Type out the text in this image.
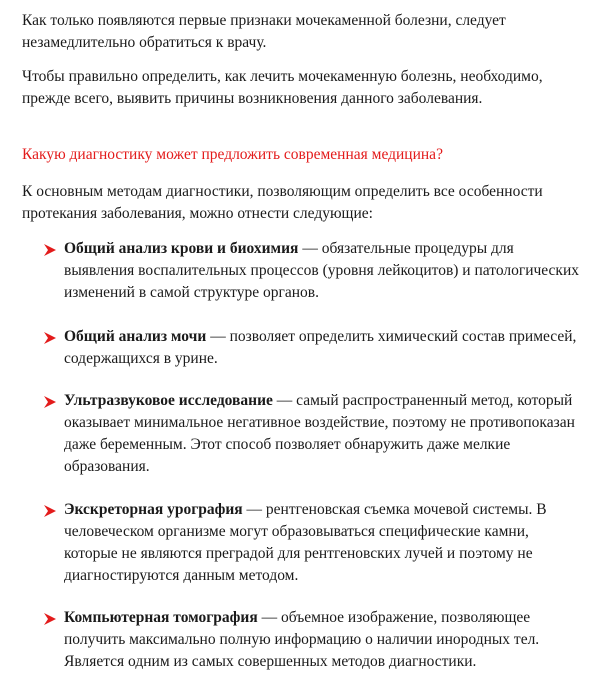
Как только появляются первые признаки мочекаменной болезни, следует незамедлительно обратиться к врачу.

Чтобы правильно определить, как лечить мочекаменную болезнь, необходимо, прежде всего, выявить причины возникновения данного заболевания.

Какую диагностику может предложить современная медицина?

К основным методам диагностики, позволяющим определить все особенности протекания заболевания, можно отнести следующие:

Общий анализ крови и биохимия — обязательные процедуры для выявления воспалительных процессов (уровня лейкоцитов) и патологических изменений в самой структуре органов.
Общий анализ мочи — позволяет определить химический состав примесей, содержащихся в урине.
Ультразвуковое исследование — самый распространенный метод, который оказывает минимальное негативное воздействие, поэтому не противопоказан даже беременным. Этот способ позволяет обнаружить даже мелкие образования.
Экскреторная урография — рентгеновская съемка мочевой системы. В человеческом организме могут образовываться специфические камни, которые не являются преградой для рентгеновских лучей и поэтому не диагностируются данным методом.
Компьютерная томография — объемное изображение, позволяющее получить максимально полную информацию о наличии инородных тел. Является одним из самых совершенных методов диагностики.
